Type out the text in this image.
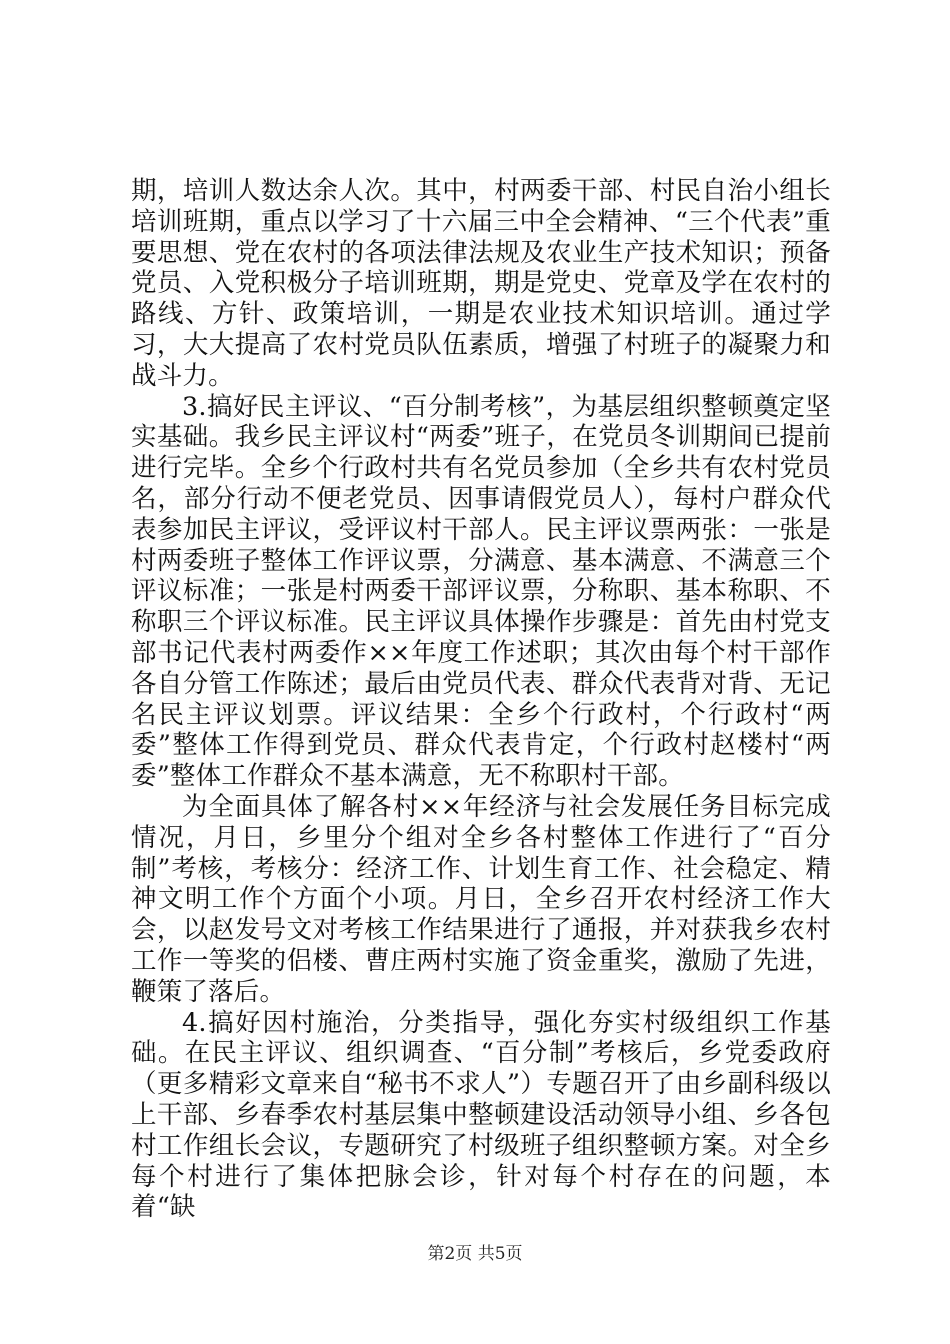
期，培训人数达余人次。其中，村两委干部、村民自治小组长培训班期，重点以学习了十六届三中全会精神、“三个代表”重要思想、党在农村的各项法律法规及农业生产技术知识；预备党员、入党积极分子培训班期，期是党史、党章及学在农村的路线、方针、政策培训，一期是农业技术知识培训。通过学习，大大提高了农村党员队伍素质，增强了村班子的凝聚力和战斗力。

3.搞好民主评议、“百分制考核”，为基层组织整顿奠定坚实基础。我乡民主评议村“两委”班子，在党员冬训期间已提前进行完毕。全乡个行政村共有名党员参加（全乡共有农村党员名，部分行动不便老党员、因事请假党员人），每村户群众代表参加民主评议，受评议村干部人。民主评议票两张：一张是村两委班子整体工作评议票，分满意、基本满意、不满意三个评议标准；一张是村两委干部评议票，分称职、基本称职、不称职三个评议标准。民主评议具体操作步骤是：首先由村党支部书记代表村两委作××年度工作述职；其次由每个村干部作各自分管工作陈述；最后由党员代表、群众代表背对背、无记名民主评议划票。评议结果：全乡个行政村，个行政村“两委”整体工作得到党员、群众代表肯定，个行政村赵楼村“两委”整体工作群众不基本满意，无不称职村干部。

为全面具体了解各村××年经济与社会发展任务目标完成情况，月日，乡里分个组对全乡各村整体工作进行了“百分制”考核，考核分：经济工作、计划生育工作、社会稳定、精神文明工作个方面个小项。月日，全乡召开农村经济工作大会，以赵发号文对考核工作结果进行了通报，并对获我乡农村工作一等奖的侣楼、曹庄两村实施了资金重奖，激励了先进，鞭策了落后。

4.搞好因村施治，分类指导，强化夯实村级组织工作基础。在民主评议、组织调查、“百分制”考核后，乡党委政府（更多精彩文章来自“秘书不求人”）专题召开了由乡副科级以上干部、乡春季农村基层集中整顿建设活动领导小组、乡各包村工作组长会议，专题研究了村级班子组织整顿方案。对全乡每个村进行了集体把脉会诊，针对每个村存在的问题，本着“缺

第2页 共5页
